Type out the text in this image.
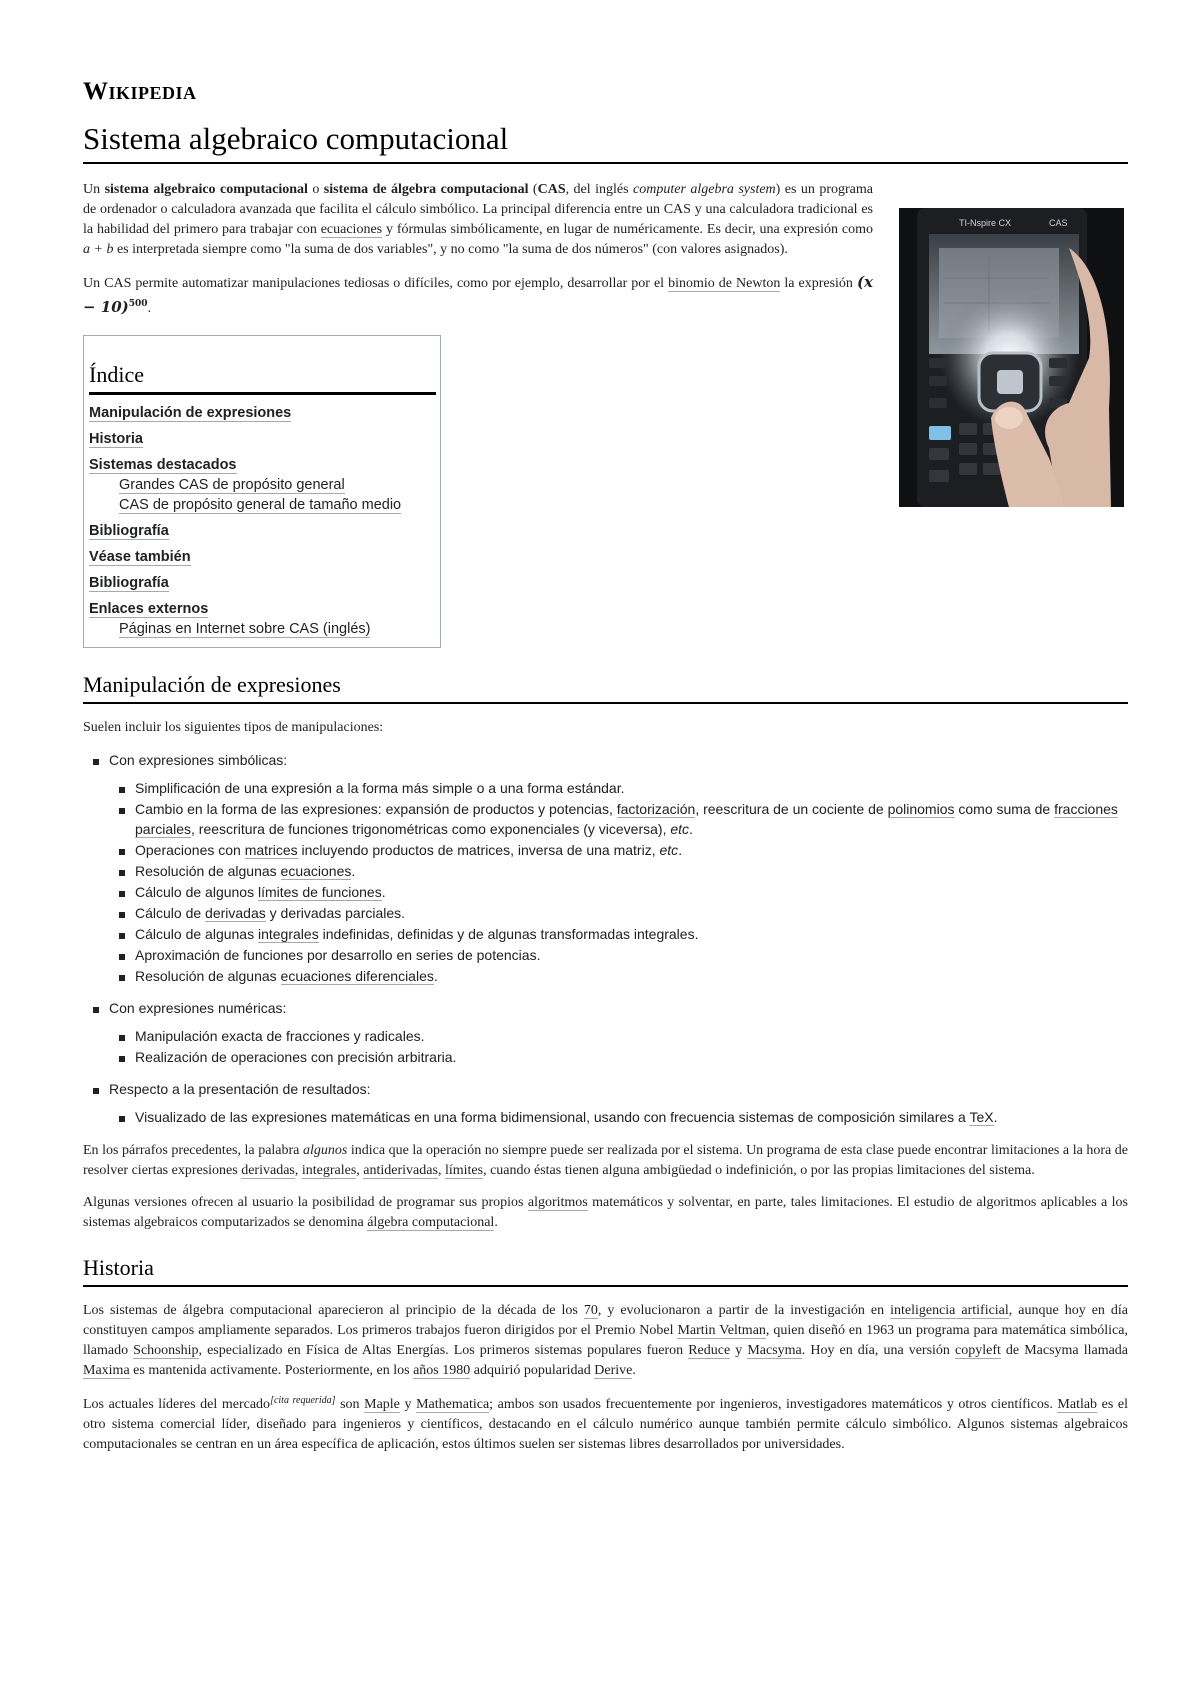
Wikipedia
Sistema algebraico computacional

Un sistema algebraico computacional o sistema de álgebra computacional (CAS, del inglés computer algebra system) es un programa de ordenador o calculadora avanzada que facilita el cálculo simbólico. La principal diferencia entre un CAS y una calculadora tradicional es la habilidad del primero para trabajar con ecuaciones y fórmulas simbólicamente, en lugar de numéricamente. Es decir, una expresión como a + b es interpretada siempre como "la suma de dos variables", y no como "la suma de dos números" (con valores asignados).

Un CAS permite automatizar manipulaciones tediosas o difíciles, como por ejemplo, desarrollar por el binomio de Newton la expresión $(x - 10)^{500}$.

TI-Nspire CX	CAS
Índice
Manipulación de expresiones
Historia
Sistemas destacados
Grandes CAS de propósito general
CAS de propósito general de tamaño medio
Bibliografía
Véase también
Bibliografía
Enlaces externos
Páginas en Internet sobre CAS (inglés)
Manipulación de expresiones

Suelen incluir los siguientes tipos de manipulaciones:

Con expresiones simbólicas:
Simplificación de una expresión a la forma más simple o a una forma estándar.
Cambio en la forma de las expresiones: expansión de productos y potencias, factorización, reescritura de un cociente de polinomios como suma de fracciones parciales, reescritura de funciones trigonométricas como exponenciales (y viceversa), etc.
Operaciones con matrices incluyendo productos de matrices, inversa de una matriz, etc.
Resolución de algunas ecuaciones.
Cálculo de algunos límites de funciones.
Cálculo de derivadas y derivadas parciales.
Cálculo de algunas integrales indefinidas, definidas y de algunas transformadas integrales.
Aproximación de funciones por desarrollo en series de potencias.
Resolución de algunas ecuaciones diferenciales.
Con expresiones numéricas:
Manipulación exacta de fracciones y radicales.
Realización de operaciones con precisión arbitraria.
Respecto a la presentación de resultados:
Visualizado de las expresiones matemáticas en una forma bidimensional, usando con frecuencia sistemas de composición similares a TeX.

En los párrafos precedentes, la palabra algunos indica que la operación no siempre puede ser realizada por el sistema. Un programa de esta clase puede encontrar limitaciones a la hora de resolver ciertas expresiones derivadas, integrales, antiderivadas, límites, cuando éstas tienen alguna ambigüedad o indefinición, o por las propias limitaciones del sistema.

Algunas versiones ofrecen al usuario la posibilidad de programar sus propios algoritmos matemáticos y solventar, en parte, tales limitaciones. El estudio de algoritmos aplicables a los sistemas algebraicos computarizados se denomina álgebra computacional.

Historia

Los sistemas de álgebra computacional aparecieron al principio de la década de los 70, y evolucionaron a partir de la investigación en inteligencia artificial, aunque hoy en día constituyen campos ampliamente separados. Los primeros trabajos fueron dirigidos por el Premio Nobel Martin Veltman, quien diseñó en 1963 un programa para matemática simbólica, llamado Schoonship, especializado en Física de Altas Energías. Los primeros sistemas populares fueron Reduce y Macsyma. Hoy en día, una versión copyleft de Macsyma llamada Maxima es mantenida activamente. Posteriormente, en los años 1980 adquirió popularidad Derive.

Los actuales líderes del mercado[cita requerida] son Maple y Mathematica; ambos son usados frecuentemente por ingenieros, investigadores matemáticos y otros científicos. Matlab es el otro sistema comercial líder, diseñado para ingenieros y científicos, destacando en el cálculo numérico aunque también permite cálculo simbólico. Algunos sistemas algebraicos computacionales se centran en un área específica de aplicación, estos últimos suelen ser sistemas libres desarrollados por universidades.
